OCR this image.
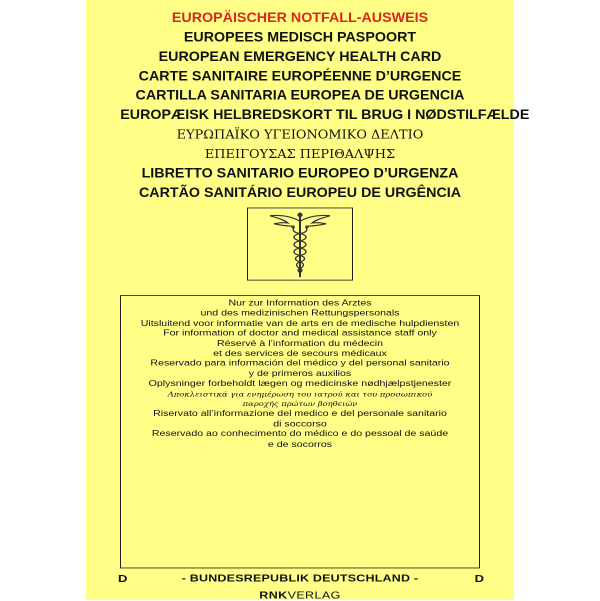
EUROPÄISCHER NOTFALL-AUSWEIS
EUROPEES MEDISCH PASPOORT
EUROPEAN EMERGENCY HEALTH CARD
CARTE SANITAIRE EUROPÉENNE D’URGENCE
CARTILLA SANITARIA EUROPEA DE URGENCIA
EUROPÆISK HELBREDSKORT TIL BRUG I NØDSTILFÆLDE
ΕΥΡΩΠΑΪΚΟ ΥΓΕΙΟΝΟΜΙΚΟ ΔΕΛΤΙΟ
ΕΠΕΙΓΟΥΣΑΣ ΠΕΡΙΘΑΛΨΗΣ
LIBRETTO SANITARIO EUROPEO D’URGENZA
CARTÃO SANITÁRIO EUROPEU DE URGÊNCIA
Nur zur Information des Arztes
und des medizinischen Rettungspersonals
Uitsluitend voor informatie van de arts en de medische hulpdiensten
For information of doctor and medical assistance staff only
Réservé à l’information du médecin
et des services de secours médicaux
Reservado para información del médico y del personal sanitario
y de primeros auxilios
Oplysninger forbeholdt lægen og medicinske nødhjælpstjenester
Αποκλειστικά για ενημέρωση του ιατρού και του προσωπικού
παροχής πρώτων βοηθειών
Riservato all’informazione del medico e del personale sanitario
di soccorso
Reservado ao conhecimento do médico e do pessoal de saúde
e de socorros
D	- BUNDESREPUBLIK DEUTSCHLAND -	D
RNKVERLAG
